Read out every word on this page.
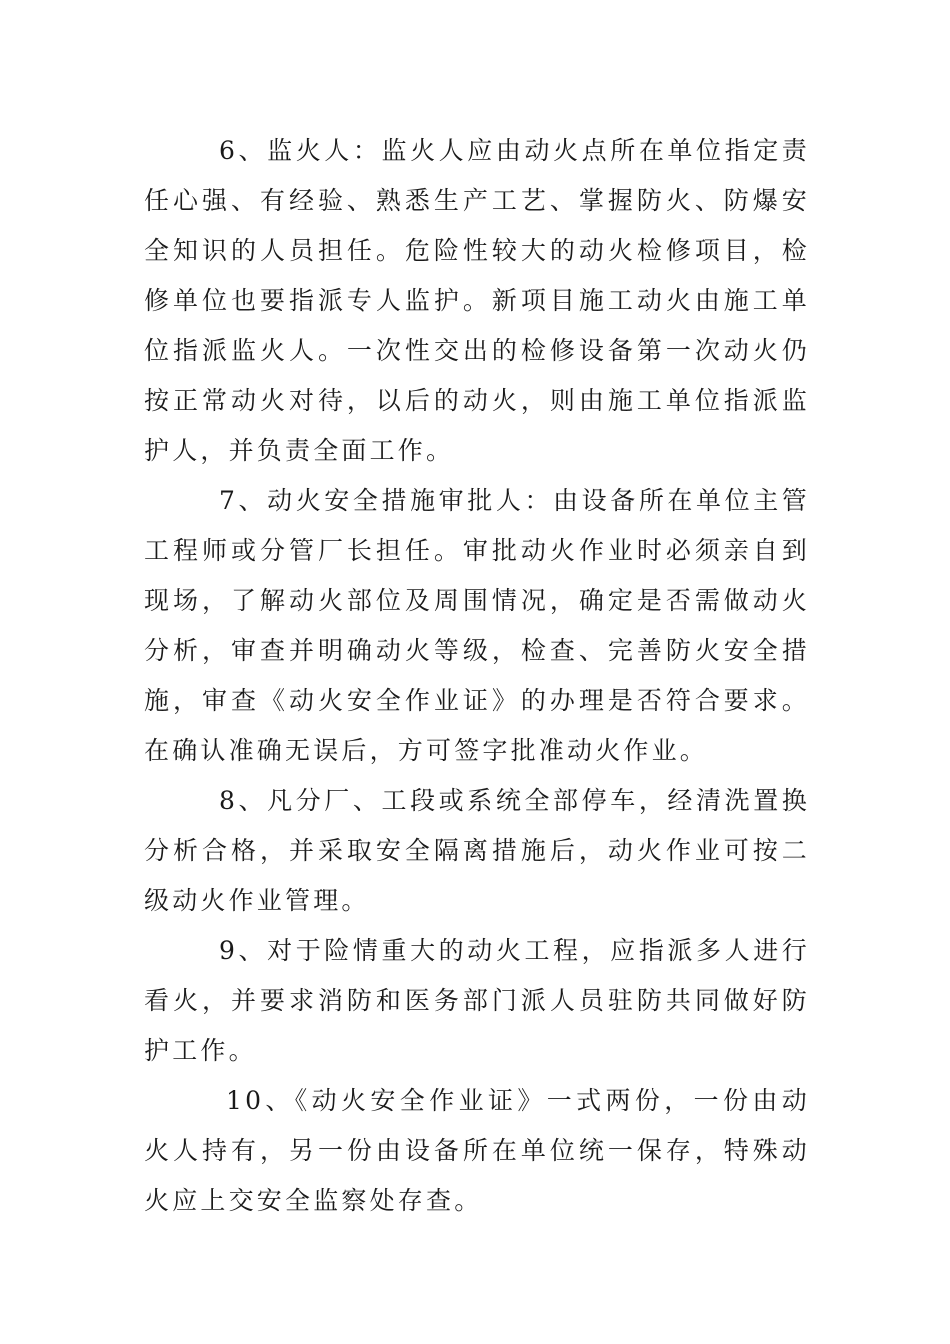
6、监火人：监火人应由动火点所在单位指定责任心强、有经验、熟悉生产工艺、掌握防火、防爆安全知识的人员担任。危险性较大的动火检修项目，检修单位也要指派专人监护。新项目施工动火由施工单位指派监火人。一次性交出的检修设备第一次动火仍按正常动火对待，以后的动火，则由施工单位指派监护人，并负责全面工作。

7、动火安全措施审批人：由设备所在单位主管工程师或分管厂长担任。审批动火作业时必须亲自到现场，了解动火部位及周围情况，确定是否需做动火分析，审查并明确动火等级，检查、完善防火安全措施，审查《动火安全作业证》的办理是否符合要求。在确认准确无误后，方可签字批准动火作业。

8、凡分厂、工段或系统全部停车，经清洗置换分析合格，并采取安全隔离措施后，动火作业可按二级动火作业管理。

9、对于险情重大的动火工程，应指派多人进行看火，并要求消防和医务部门派人员驻防共同做好防护工作。

10、《动火安全作业证》一式两份，一份由动火人持有，另一份由设备所在单位统一保存，特殊动火应上交安全监察处存查。
